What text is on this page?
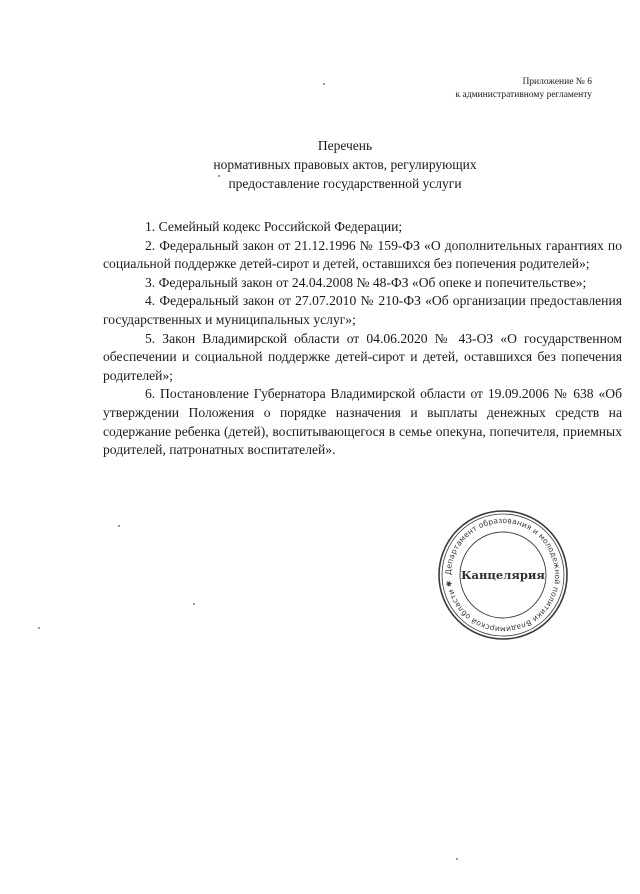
Приложение № 6
к административному регламенту
Перечень
нормативных правовых актов, регулирующих
предоставление государственной услуги

1. Семейный кодекс Российской Федерации;

2. Федеральный закон от 21.12.1996 № 159-ФЗ «О дополнительных гарантиях по социальной поддержке детей-сирот и детей, оставшихся без попечения родителей»;

3. Федеральный закон от 24.04.2008 № 48-ФЗ «Об опеке и попечительстве»;

4. Федеральный закон от 27.07.2010 № 210-ФЗ «Об организации предоставления государственных и муниципальных услуг»;

5. Закон Владимирской области от 04.06.2020 № 43-ОЗ «О государственном обеспечении и социальной поддержке детей-сирот и детей, оставшихся без попечения родителей»;

6. Постановление Губернатора Владимирской области от 19.09.2006 № 638 «Об утверждении Положения о порядке назначения и выплаты денежных средств на содержание ребенка (детей), воспитывающегося в семье опекуна, попечителя, приемных родителей, патронатных воспитателей».

Департамент образования и молодежной политики Владимирской области ✱
Канцелярия
